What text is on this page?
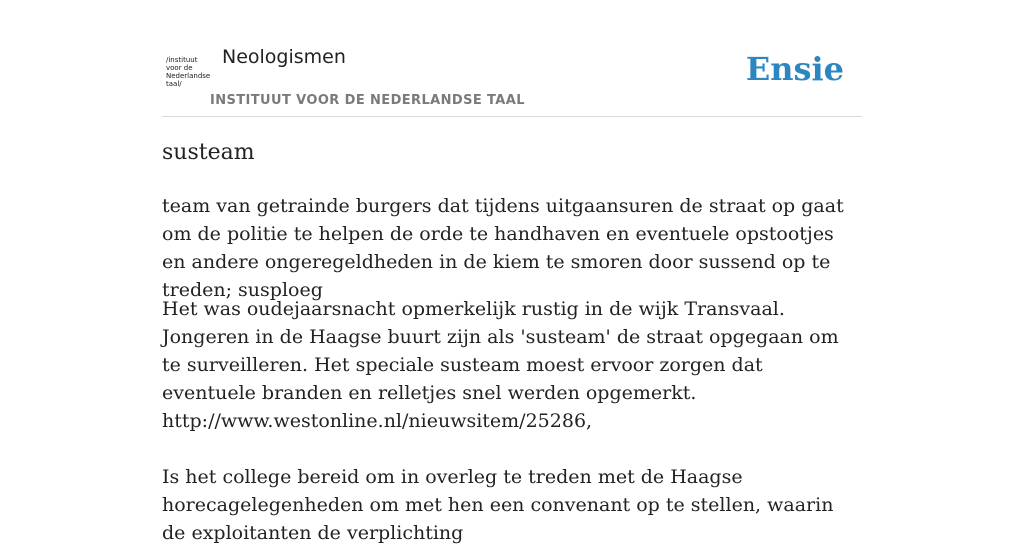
/instituut
voor de
Nederlandse
taal/
Neologismen
INSTITUUT VOOR DE NEDERLANDSE TAAL
Ensie
susteam

team van getrainde burgers dat tijdens uitgaansuren de straat op gaat om de politie te helpen de orde te handhaven en eventuele opstootjes en andere ongeregeldheden in de kiem te smoren door sussend op te treden; susploeg

Het was oudejaarsnacht opmerkelijk rustig in de wijk Transvaal. Jongeren in de Haagse buurt zijn als 'susteam' de straat opgegaan om te surveilleren. Het speciale susteam moest ervoor zorgen dat eventuele branden en relletjes snel werden opgemerkt.

http://www.westonline.nl/nieuwsitem/25286,

Is het college bereid om in overleg te treden met de Haagse horecagelegenheden om met hen een convenant op te stellen, waarin de exploitanten de verplichting
